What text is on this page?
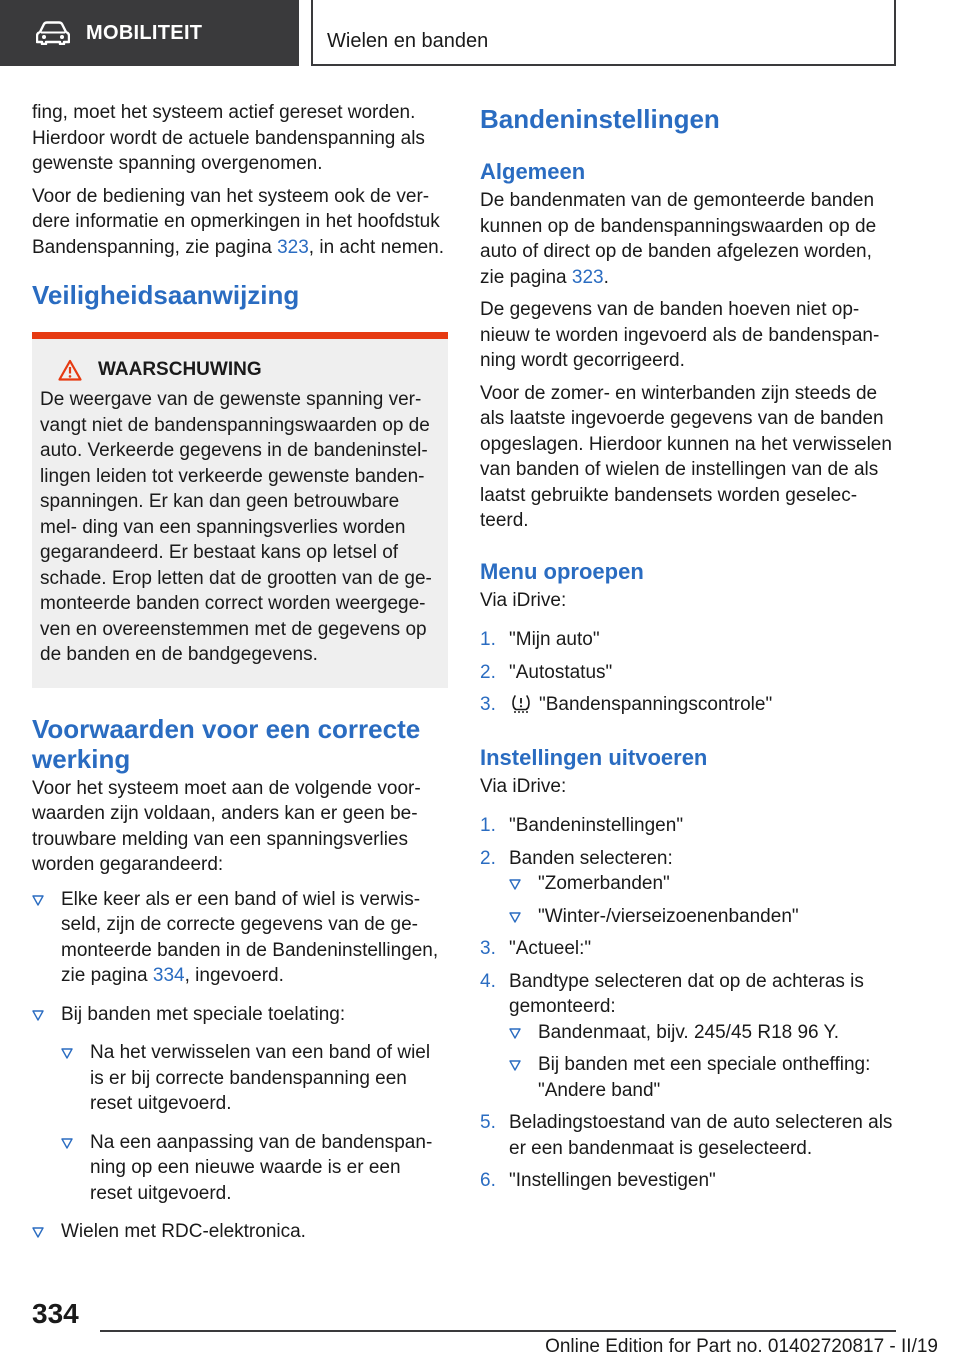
MOBILITEIT	Wielen en banden

fing, moet het systeem actief gereset worden. Hierdoor wordt de actuele bandenspanning als gewenste spanning overgenomen.

Voor de bediening van het systeem ook de ver- dere informatie en opmerkingen in het hoofdstuk Bandenspanning, zie pagina 323, in acht nemen.

Veiligheidsaanwijzing
WAARSCHUWING

De weergave van de gewenste spanning ver- vangt niet de bandenspanningswaarden op de auto. Verkeerde gegevens in de bandeninstel- lingen leiden tot verkeerde gewenste banden- spanningen. Er kan dan geen betrouwbare mel- ding van een spanningsverlies worden gegarandeerd. Er bestaat kans op letsel of schade. Erop letten dat de grootten van de ge- monteerde banden correct worden weergege- ven en overeenstemmen met de gegevens op de banden en de bandgegevens.

Voorwaarden voor een correcte werking

Voor het systeem moet aan de volgende voor- waarden zijn voldaan, anders kan er geen be- trouwbare melding van een spanningsverlies worden gegarandeerd:

Elke keer als er een band of wiel is verwis- seld, zijn de correcte gegevens van de ge- monteerde banden in de Bandeninstellingen, zie pagina 334, ingevoerd.
Bij banden met speciale toelating:
Na het verwisselen van een band of wiel is er bij correcte bandenspanning een reset uitgevoerd.
Na een aanpassing van de bandenspan- ning op een nieuwe waarde is er een reset uitgevoerd.
Wielen met RDC-elektronica.
Bandeninstellingen
Algemeen

De bandenmaten van de gemonteerde banden kunnen op de bandenspanningswaarden op de auto of direct op de banden afgelezen worden, zie pagina 323.

De gegevens van de banden hoeven niet op- nieuw te worden ingevoerd als de bandenspan- ning wordt gecorrigeerd.

Voor de zomer- en winterbanden zijn steeds de als laatste ingevoerde gegevens van de banden opgeslagen. Hierdoor kunnen na het verwisselen van banden of wielen de instellingen van de als laatst gebruikte bandensets worden geselec- teerd.

Menu oproepen

Via iDrive:

1. "Mijn auto"
2. "Autostatus"
3. "Bandenspanningscontrole"
Instellingen uitvoeren

Via iDrive:

1. "Bandeninstellingen"
2. Banden selecteren:
"Zomerbanden"
"Winter-/vierseizoenenbanden"
3. "Actueel:"
4. Bandtype selecteren dat op de achteras is gemonteerd:
Bandenmaat, bijv. 245/45 R18 96 Y.
Bij banden met een speciale ontheffing: "Andere band"
5. Beladingstoestand van de auto selecteren als er een bandenmaat is geselecteerd.
6. "Instellingen bevestigen"
334
Online Edition for Part no. 01402720817 - II/19
